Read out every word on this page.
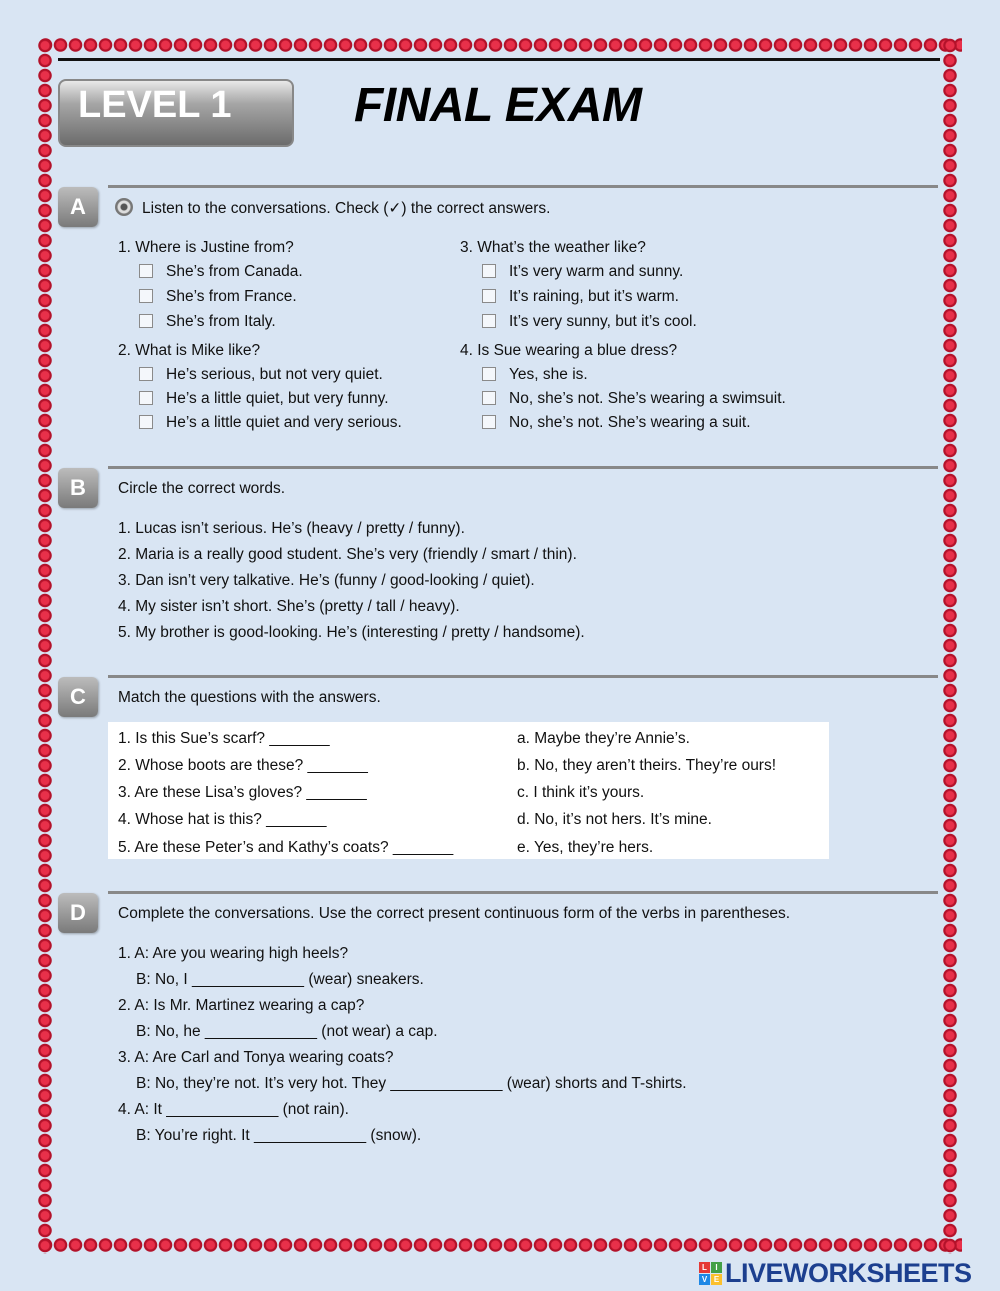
LEVEL 1	FINAL EXAM
A	Listen to the conversations. Check (✓) the correct answers.
1. Where is Justine from?
She’s from Canada.
She’s from France.
She’s from Italy.
2. What is Mike like?
He’s serious, but not very quiet.
He’s a little quiet, but very funny.
He’s a little quiet and very serious.
3. What’s the weather like?
It’s very warm and sunny.
It’s raining, but it’s warm.
It’s very sunny, but it’s cool.
4. Is Sue wearing a blue dress?
Yes, she is.
No, she’s not. She’s wearing a swimsuit.
No, she’s not. She’s wearing a suit.
B	Circle the correct words.
1. Lucas isn’t serious. He’s (heavy / pretty / funny).
2. Maria is a really good student. She’s very (friendly / smart / thin).
3. Dan isn’t very talkative. He’s (funny / good-looking / quiet).
4. My sister isn’t short. She’s (pretty / tall / heavy).
5. My brother is good-looking. He’s (interesting / pretty / handsome).
C	Match the questions with the answers.
1. Is this Sue’s scarf? _______
2. Whose boots are these? _______
3. Are these Lisa’s gloves? _______
4. Whose hat is this? _______
5. Are these Peter’s and Kathy’s coats? _______
a. Maybe they’re Annie’s.
b. No, they aren’t theirs. They’re ours!
c. I think it’s yours.
d. No, it’s not hers. It’s mine.
e. Yes, they’re hers.
D	Complete the conversations. Use the correct present continuous form of the verbs in parentheses.
1. A: Are you wearing high heels?
B: No, I _____________ (wear) sneakers.
2. A: Is Mr. Martinez wearing a cap?
B: No, he _____________ (not wear) a cap.
3. A: Are Carl and Tonya wearing coats?
B: No, they’re not. It’s very hot. They _____________ (wear) shorts and T-shirts.
4. A: It _____________ (not rain).
B: You’re right. It _____________ (snow).
L	I
V E LIVEWORKSHEETS
